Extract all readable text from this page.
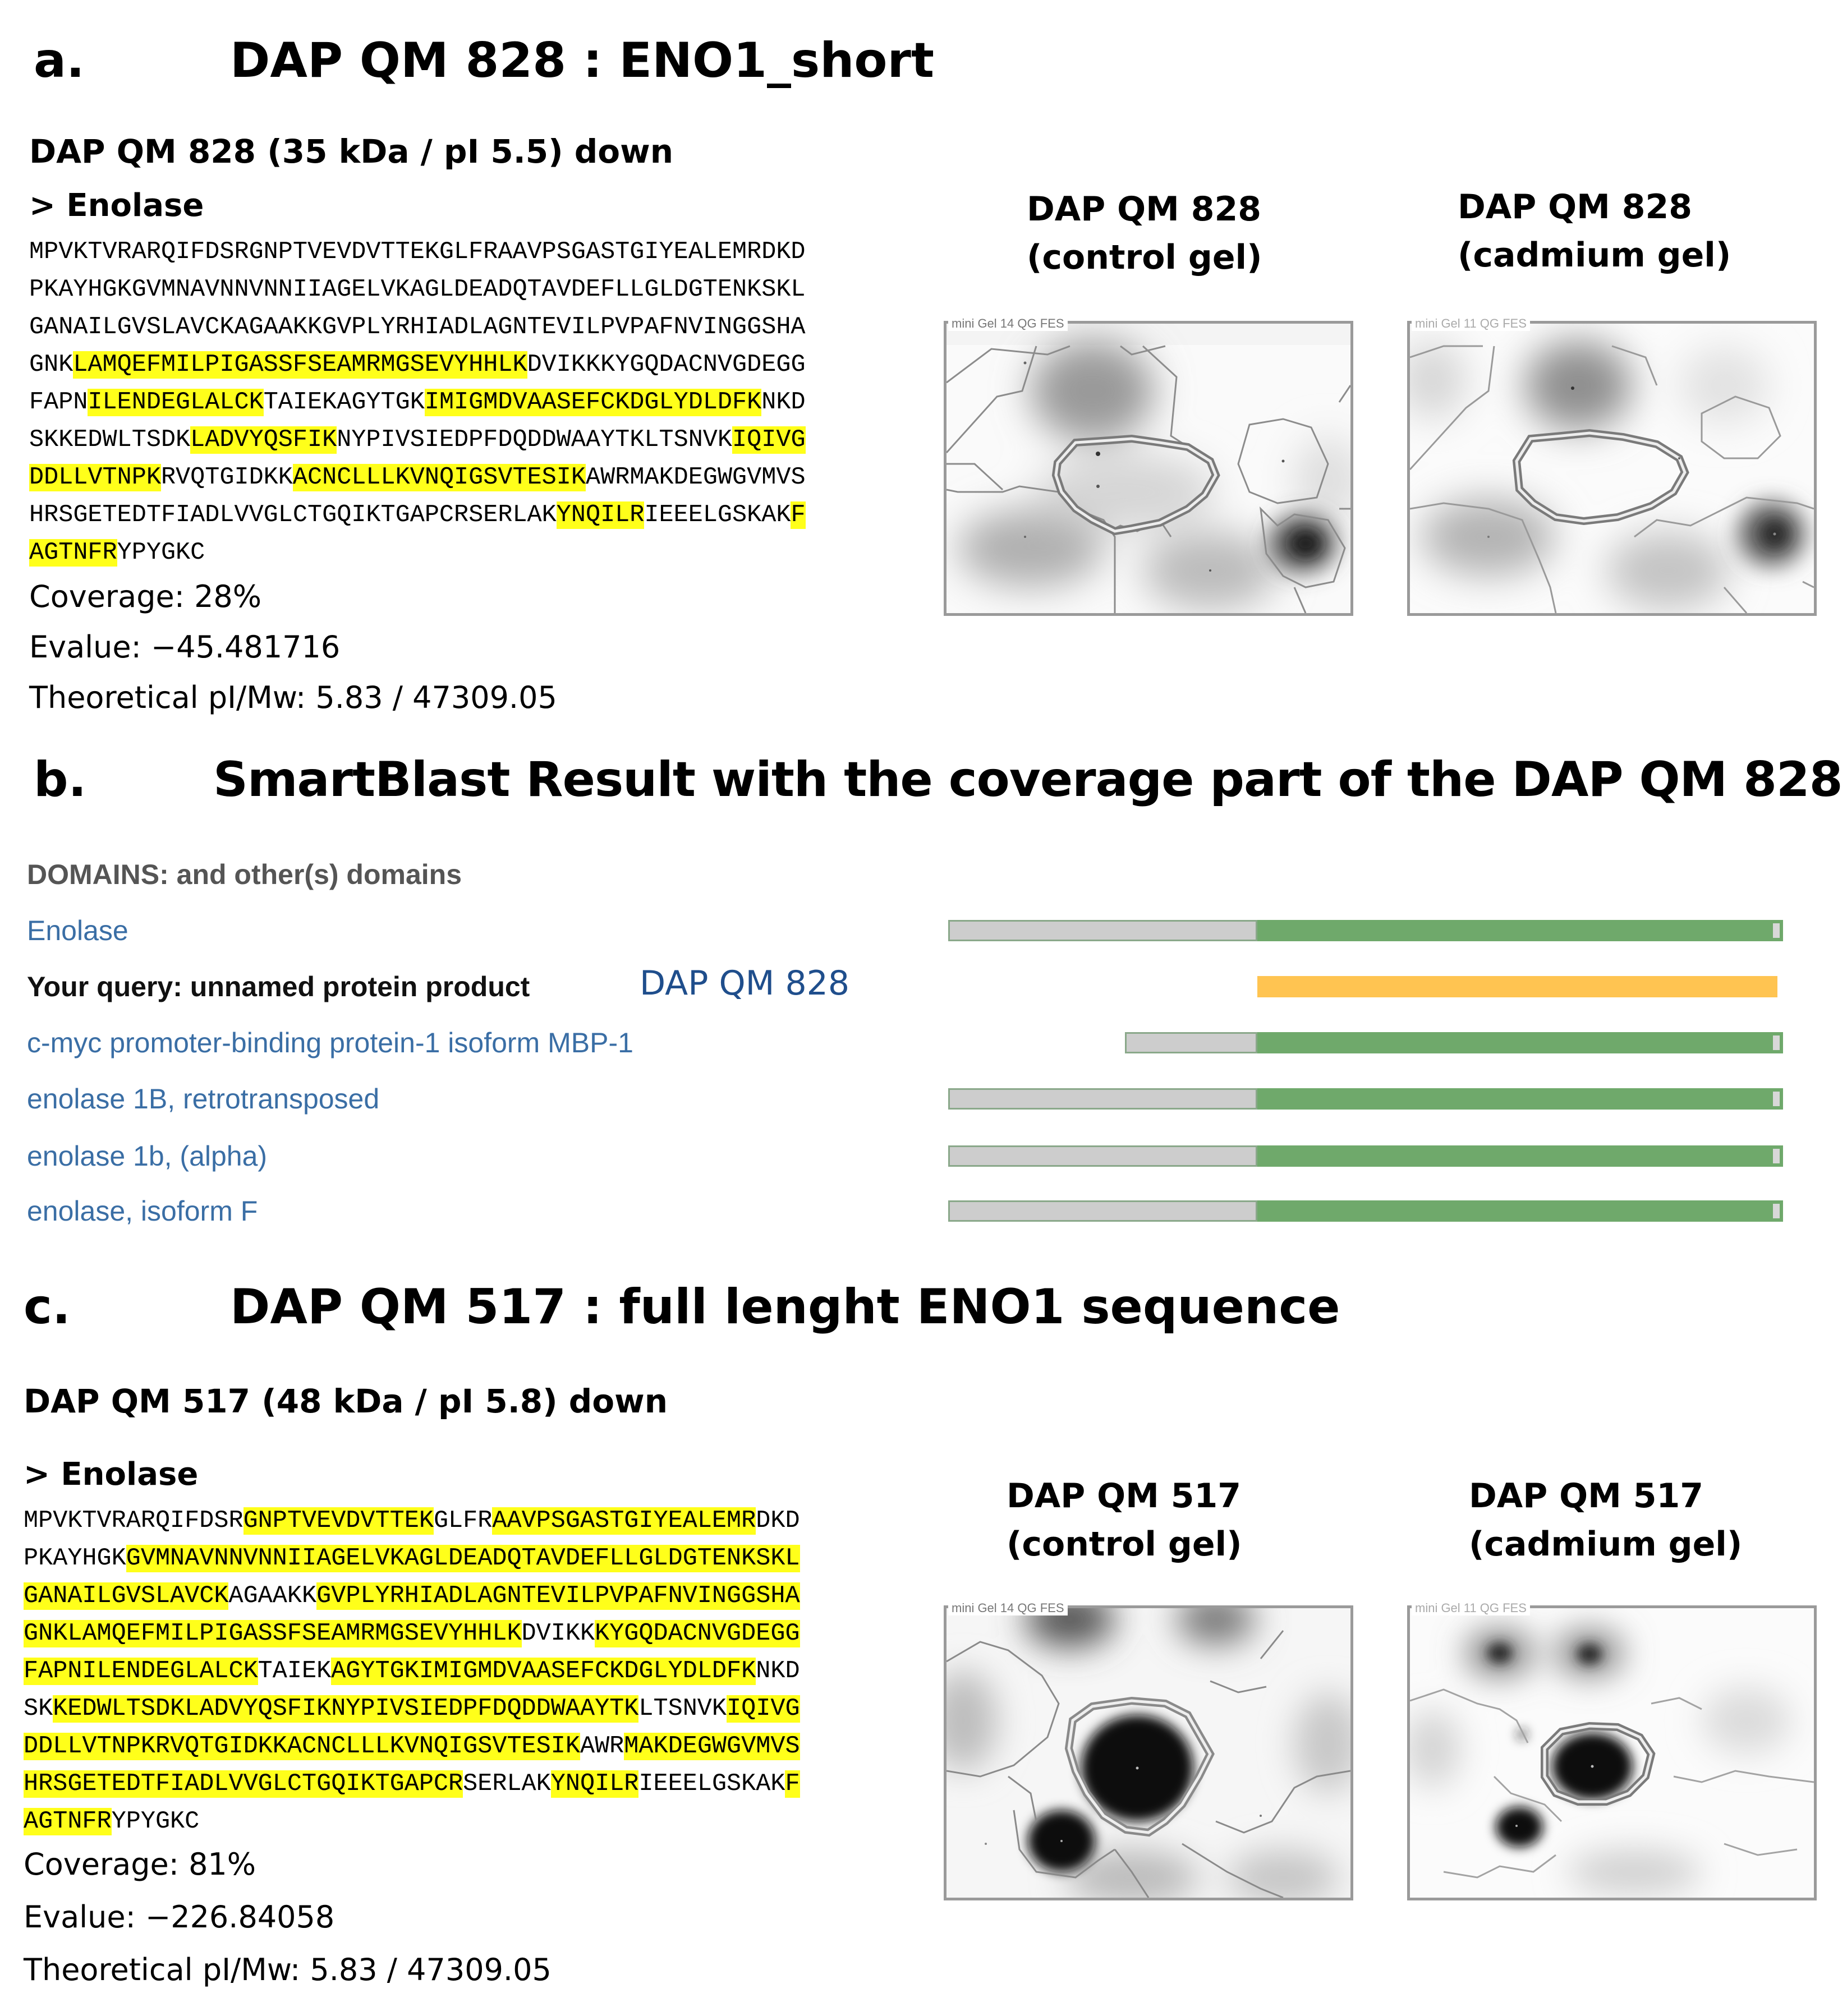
a.	DAP QM 828 : ENO1_short
DAP QM 828 (35 kDa / pI 5.5) down
> Enolase
MPVKTVRARQIFDSRGNPTVEVDVTTEKGLFRAAVPSGASTGIYEALEMRDKD
PKAYHGKGVMNAVNNVNNIIAGELVKAGLDEADQTAVDEFLLGLDGTENKSKL
GANAILGVSLAVCKAGAAKKGVPLYRHIADLAGNTEVILPVPAFNVINGGSHA
GNKLAMQEFMILPIGASSFSEAMRMGSEVYHHLKDVIKKKYGQDACNVGDEGG
FAPNILENDEGLALCKTAIEKAGYTGKIMIGMDVAASEFCKDGLYDLDFKNKD
SKKEDWLTSDKLADVYQSFIKNYPIVSIEDPFDQDDWAAYTKLTSNVKIQIVG
DDLLVTNPKRVQTGIDKKACNCLLLKVNQIGSVTESIKAWRMAKDEGWGVMVS
HRSGETEDTFIADLVVGLCTGQIKTGAPCRSERLAKYNQILRIEEELGSKAKF
AGTNFRYPYGKC
Coverage: 28%
Evalue: −45.481716
Theoretical pI/Mw: 5.83 / 47309.05
DAP QM 828
(control gel)
DAP QM 828
(cadmium gel)
mini Gel 14 QG FES	mini Gel 11 QG FES
b.	SmartBlast Result with the coverage part of the DAP QM 828
DOMAINS: and other(s) domains
Enolase
Your query: unnamed protein product	DAP QM 828
c-myc promoter-binding protein-1 isoform MBP-1
enolase 1B, retrotransposed
enolase 1b, (alpha)
enolase, isoform F
c.	DAP QM 517 : full lenght ENO1 sequence
DAP QM 517 (48 kDa / pI 5.8) down
> Enolase
MPVKTVRARQIFDSRGNPTVEVDVTTEKGLFRAAVPSGASTGIYEALEMRDKD
PKAYHGKGVMNAVNNVNNIIAGELVKAGLDEADQTAVDEFLLGLDGTENKSKL
GANAILGVSLAVCKAGAAKKGVPLYRHIADLAGNTEVILPVPAFNVINGGSHA
GNKLAMQEFMILPIGASSFSEAMRMGSEVYHHLKDVIKKKYGQDACNVGDEGG
FAPNILENDEGLALCKTAIEKAGYTGKIMIGMDVAASEFCKDGLYDLDFKNKD
SKKEDWLTSDKLADVYQSFIKNYPIVSIEDPFDQDDWAAYTKLTSNVKIQIVG
DDLLVTNPKRVQTGIDKKACNCLLLKVNQIGSVTESIKAWRMAKDEGWGVMVS
HRSGETEDTFIADLVVGLCTGQIKTGAPCRSERLAKYNQILRIEEELGSKAKF
AGTNFRYPYGKC
Coverage: 81%
Evalue: −226.84058
Theoretical pI/Mw: 5.83 / 47309.05
DAP QM 517
(control gel)
DAP QM 517
(cadmium gel)
mini Gel 14 QG FES	mini Gel 11 QG FES
